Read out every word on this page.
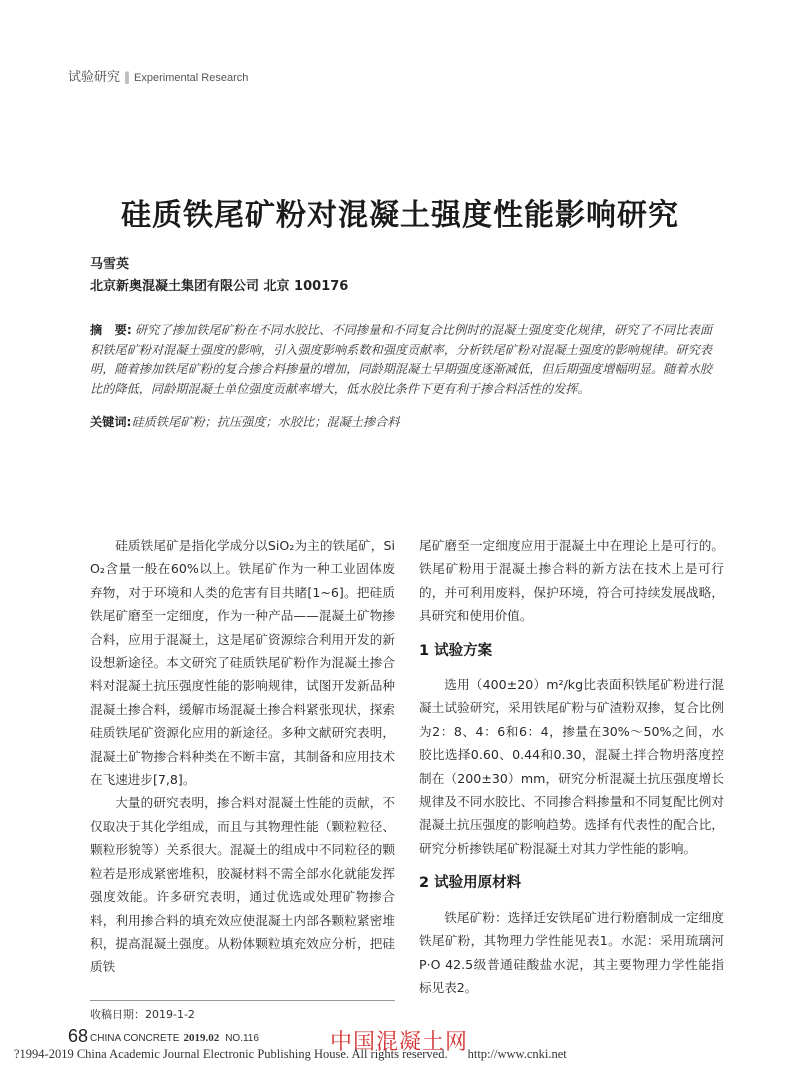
试验研究 ‖ Experimental Research
硅质铁尾矿粉对混凝土强度性能影响研究
马雪英
北京新奥混凝土集团有限公司 北京 100176
摘　要: 研究了掺加铁尾矿粉在不同水胶比、不同掺量和不同复合比例时的混凝土强度变化规律，研究了不同比表面积铁尾矿粉对混凝土强度的影响，引入强度影响系数和强度贡献率，分析铁尾矿粉对混凝土强度的影响规律。研究表明，随着掺加铁尾矿粉的复合掺合料掺量的增加，同龄期混凝土早期强度逐渐减低，但后期强度增幅明显。随着水胶比的降低，同龄期混凝土单位强度贡献率增大，低水胶比条件下更有利于掺合料活性的发挥。
关键词:硅质铁尾矿粉；抗压强度；水胶比；混凝土掺合料

硅质铁尾矿是指化学成分以SiO₂为主的铁尾矿，SiO₂含量一般在60%以上。铁尾矿作为一种工业固体废弃物，对于环境和人类的危害有目共睹[1~6]。把硅质铁尾矿磨至一定细度，作为一种产品——混凝土矿物掺合料，应用于混凝土，这是尾矿资源综合利用开发的新设想新途径。本文研究了硅质铁尾矿粉作为混凝土掺合料对混凝土抗压强度性能的影响规律，试图开发新品种混凝土掺合料，缓解市场混凝土掺合料紧张现状，探索硅质铁尾矿资源化应用的新途径。多种文献研究表明，混凝土矿物掺合料种类在不断丰富，其制备和应用技术在飞速进步[7,8]。

大量的研究表明，掺合料对混凝土性能的贡献，不仅取决于其化学组成，而且与其物理性能（颗粒粒径、颗粒形貌等）关系很大。混凝土的组成中不同粒径的颗粒若是形成紧密堆积，胶凝材料不需全部水化就能发挥强度效能。许多研究表明，通过优选或处理矿物掺合料，利用掺合料的填充效应使混凝土内部各颗粒紧密堆积，提高混凝土强度。从粉体颗粒填充效应分析，把硅质铁

尾矿磨至一定细度应用于混凝土中在理论上是可行的。铁尾矿粉用于混凝土掺合料的新方法在技术上是可行的，并可利用废料，保护环境，符合可持续发展战略，具研究和使用价值。

1 试验方案

选用（400±20）m²/kg比表面积铁尾矿粉进行混凝土试验研究，采用铁尾矿粉与矿渣粉双掺，复合比例为2：8、4：6和6：4，掺量在30%～50%之间，水胶比选择0.60、0.44和0.30，混凝土拌合物坍落度控制在（200±30）mm，研究分析混凝土抗压强度增长规律及不同水胶比、不同掺合料掺量和不同复配比例对混凝土抗压强度的影响趋势。选择有代表性的配合比，研究分析掺铁尾矿粉混凝土对其力学性能的影响。

2 试验用原材料

铁尾矿粉：选择迁安铁尾矿进行粉磨制成一定细度铁尾矿粉，其物理力学性能见表1。水泥：采用琉璃河P·O 42.5级普通硅酸盐水泥，其主要物理力学性能指标见表2。

收稿日期：2019-1-2
68 CHINA CONCRETE 2019.02 NO.116	中国混凝土网
?1994-2019 China Academic Journal Electronic Publishing House. All rights reserved. http://www.cnki.net
